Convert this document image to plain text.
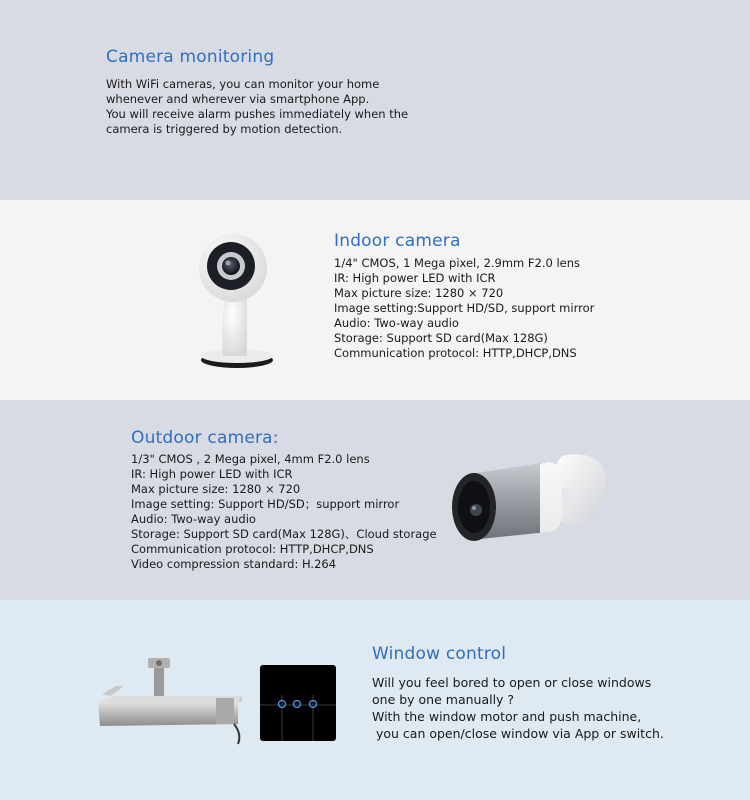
Camera monitoring
With WiFi cameras, you can monitor your home
whenever and wherever via smartphone App.
You will receive alarm pushes immediately when the
camera is triggered by motion detection.
Indoor camera
1/4" CMOS, 1 Mega pixel, 2.9mm F2.0 lens
IR: High power LED with ICR
Max picture size: 1280 × 720
Image setting:Support HD/SD, support mirror
Audio: Two-way audio
Storage: Support SD card(Max 128G)
Communication protocol: HTTP,DHCP,DNS
Outdoor camera:
1/3" CMOS , 2 Mega pixel, 4mm F2.0 lens
IR: High power LED with ICR
Max picture size: 1280 × 720
Image setting: Support HD/SD；support mirror
Audio: Two-way audio
Storage: Support SD card(Max 128G)、Cloud storage
Communication protocol: HTTP,DHCP,DNS
Video compression standard: H.264
Window control
Will you feel bored to open or close windows
one by one manually ?
With the window motor and push machine,
you can open/close window via App or switch.
